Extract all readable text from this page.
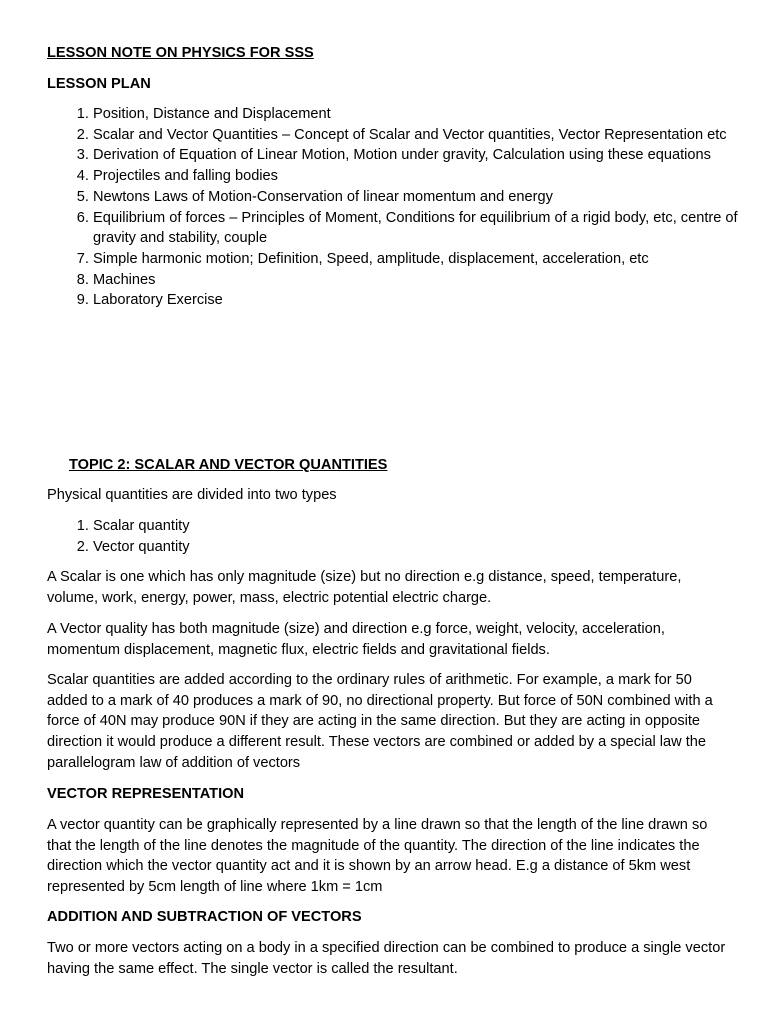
LESSON NOTE ON PHYSICS FOR SSS

LESSON PLAN

1. Position, Distance and Displacement
2. Scalar and Vector Quantities – Concept of Scalar and Vector quantities, Vector Representation etc
3. Derivation of Equation of Linear Motion, Motion under gravity, Calculation using these equations
4. Projectiles and falling bodies
5. Newtons Laws of Motion-Conservation of linear momentum and energy
6. Equilibrium of forces – Principles of Moment, Conditions for equilibrium of a rigid body, etc, centre of gravity and stability, couple
7. Simple harmonic motion; Definition, Speed, amplitude, displacement, acceleration, etc
8. Machines
9. Laboratory Exercise

TOPIC 2: SCALAR AND VECTOR QUANTITIES

Physical quantities are divided into two types

1. Scalar quantity
2. Vector quantity

A Scalar is one which has only magnitude (size) but no direction e.g distance, speed, temperature, volume, work, energy, power, mass, electric potential electric charge.

A Vector quality has both magnitude (size) and direction e.g force, weight, velocity, acceleration, momentum displacement, magnetic flux, electric fields and gravitational fields.

Scalar quantities are added according to the ordinary rules of arithmetic. For example, a mark for 50 added to a mark of 40 produces a mark of 90, no directional property. But force of 50N combined with a force of 40N may produce 90N if they are acting in the same direction. But they are acting in opposite direction it would produce a different result. These vectors are combined or added by a special law the parallelogram law of addition of vectors

VECTOR REPRESENTATION

A vector quantity can be graphically represented by a line drawn so that the length of the line drawn so that the length of the line denotes the magnitude of the quantity. The direction of the line indicates the direction which the vector quantity act and it is shown by an arrow head. E.g a distance of 5km west represented by 5cm length of line where 1km = 1cm

ADDITION AND SUBTRACTION OF VECTORS

Two or more vectors acting on a body in a specified direction can be combined to produce a single vector having the same effect. The single vector is called the resultant.
